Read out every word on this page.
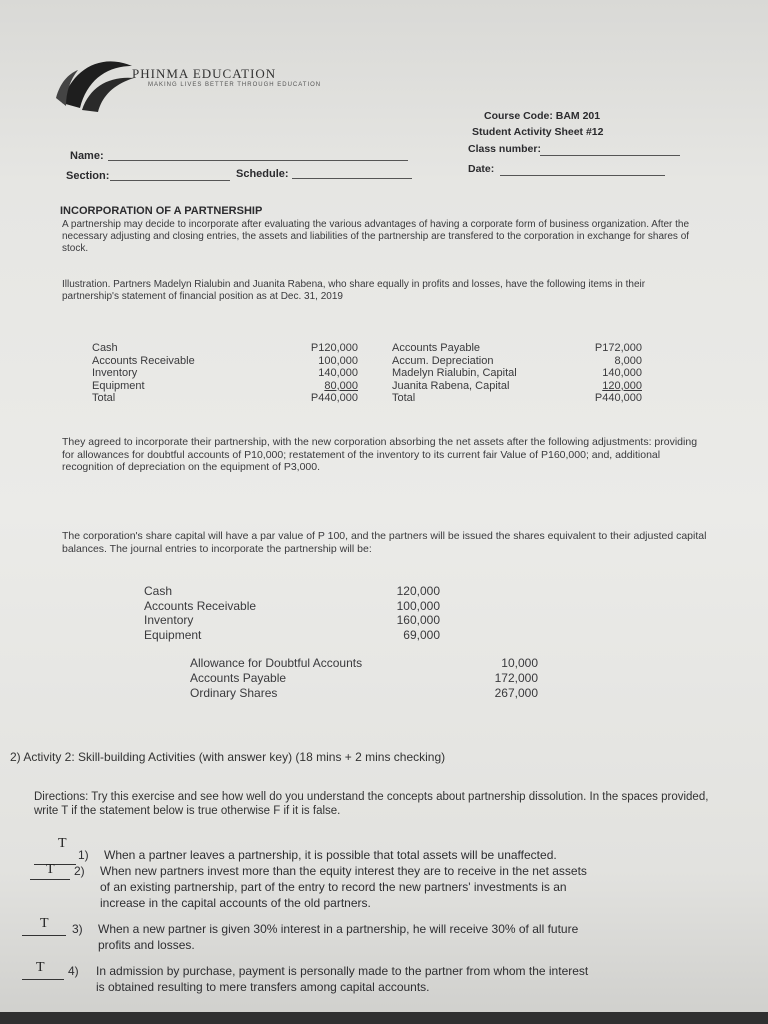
PHINMA EDUCATION
MAKING LIVES BETTER THROUGH EDUCATION
Course Code: BAM 201
Student Activity Sheet #12
Class number:
Date:
Name:
Section:	Schedule:
INCORPORATION OF A PARTNERSHIP
A partnership may decide to incorporate after evaluating the various advantages of having a corporate form of business organization. After the necessary adjusting and closing entries, the assets and liabilities of the partnership are transfered to the corporation in exchange for shares of stock.
Illustration. Partners Madelyn Rialubin and Juanita Rabena, who share equally in profits and losses, have the following items in their partnership's statement of financial position as at Dec. 31, 2019
Cash
Accounts Receivable
Inventory
Equipment
Total
P120,000
100,000
140,000
80,000
P440,000
Accounts Payable
Accum. Depreciation
Madelyn Rialubin, Capital
Juanita Rabena, Capital
Total
P172,000
8,000
140,000
120,000
P440,000
They agreed to incorporate their partnership, with the new corporation absorbing the net assets after the following adjustments: providing for allowances for doubtful accounts of P10,000; restatement of the inventory to its current fair Value of P160,000; and, additional recognition of depreciation on the equipment of P3,000.
The corporation's share capital will have a par value of P 100, and the partners will be issued the shares equivalent to their adjusted capital balances. The journal entries to incorporate the partnership will be:
Cash
Accounts Receivable
Inventory
Equipment
120,000
100,000
160,000
69,000
Allowance for Doubtful Accounts
Accounts Payable
Ordinary Shares
10,000
172,000
267,000
2) Activity 2: Skill-building Activities (with answer key) (18 mins + 2 mins checking)
Directions: Try this exercise and see how well do you understand the concepts about partnership dissolution. In the spaces provided, write T if the statement below is true otherwise F if it is false.
T
1) When a partner leaves a partnership, it is possible that total assets will be unaffected.
T 2) When new partners invest more than the equity interest they are to receive in the net assets
of an existing partnership, part of the entry to record the new partners' investments is an
increase in the capital accounts of the old partners.
T 3) When a new partner is given 30% interest in a partnership, he will receive 30% of all future
profits and losses.
T 4) In admission by purchase, payment is personally made to the partner from whom the interest
is obtained resulting to mere transfers among capital accounts.
